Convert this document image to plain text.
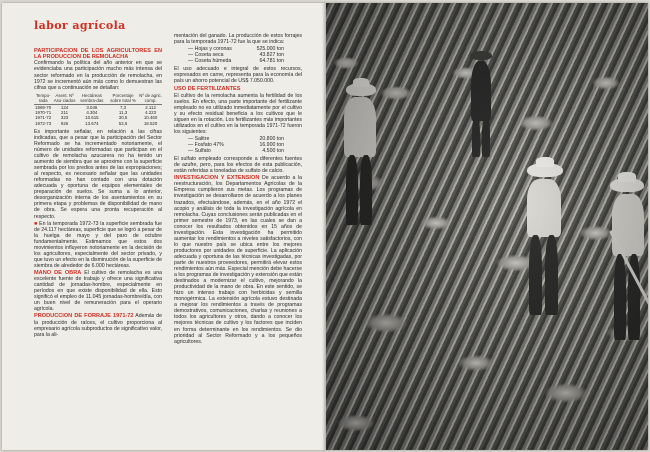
labor agrícola
PARTICIPACION DE LOS AGRICULTORES EN LA PRODUCCION DE REMOLACHA

Confirmando la política del año anterior en que se evidenciaba una participación mucho más intensa del sector reformado en la producción de remolacha, en 1972 se incrementó aún más como lo demuestran las cifras que a continuación se detallan:

Tempo-rada	Asent. Nº Aso-ciados	Hectáreas sembra-das	Porcentaje sobre total %	Nº de agric. comp.
1969-70	124	3.046	7,3	2.112
1970-71	211	4.304	11,3	4.223
1971-72	323	10.615	30,5	10.460
1972-73	926	13.674	52,6	18.520

Es importante señalar, en relación a las cifras indicadas, que a pesar que la participación del Sector Reformado se ha incrementado notoriamente, el número de unidades reformadas que participan en el cultivo de remolacha azucarera no ha tenido un aumento de siembra que se aproxime con la superficie sembrada por los predios antes de las expropiaciones; al respecto, es necesario señalar que las unidades reformadas no han contado con una dotación adecuada y oportuna de equipos elementales de preparación de suelos. Se suma a lo anterior, desorganización interna de los asentamientos en su primera etapa y problemas de disponibilidad de mano de obra. Se espera una pronta recuperación al respecto.

■ En la temporada 1972-73 la superficie sembrada fue de 24.117 hectáreas, superficie que se logró a pesar de la huelga de mayo y del paro de octubre fundamentalmente. Estimamos que estos dos movimientos influyeron notoriamente en la decisión de los agricultores, especialmente del sector privado, y que tuvo un efecto en la disminución de la superficie de siembra de alrededor de 6.000 hectáreas.

MANO DE OBRA El cultivo de remolacha es una excelente fuente de trabajo y ofrece una significativa cantidad de jornadas-hombre, especialmente en períodos en que existe disponibilidad de ella. Esto significó el empleo de 11.045 jornadas-hombre/día, con un buen nivel de remuneración para el operario agrícola.

PRODUCCION DE FORRAJE 1971-72 Además de la producción de raíces, el cultivo proporciona al empresario agrícola subproductos de significativo valor, para la ali-

mentación del ganado. La producción de estos forrajes para la temporada 1971-72 fue la que se indica:

— Hojas y coronas	525.000 ton
— Coseta seca	43.827 ton
— Coseta húmeda	64.781 ton

El uso adecuado e integral de estos recursos, expresados en carne, representa para la economía del país un ahorro potencial de US$ 7.050.000.

USO DE FERTILIZANTES

El cultivo de la remolacha aumenta la fertilidad de los suelos. En efecto, una parte importante del fertilizante empleado no es utilizado inmediatamente por el cultivo y su efecto residual beneficia a los cultivos que le siguen en la rotación. Los fertilizantes más importantes utilizados en el cultivo en la temporada 1971-72 fueron los siguientes:

— Salitre	20.800 ton
— Fosfato 47%	16.900 ton
— Sulfato	4.500 ton

El sulfato empleado corresponde a diferentes fuentes de azufre, pero, para los efectos de esta publicación, están referidas a toneladas de sulfato de calcio.

INVESTIGACION Y EXTENSION De acuerdo a la reestructuración, los Departamentos Agrícolas de la Empresa cumplieron sus metas. Los programas de investigación se desarrollaron de acuerdo a los planes trazados, efectuándose, además, en el año 1972 el acopio y análisis de toda la investigación agrícola en remolacha. Cuyas conclusiones serán publicadas en el primer semestre de 1973, en las cuales se dan a conocer los resultados obtenidos en 15 años de investigación. Esta investigación ha permitido aumentar los rendimientos a niveles satisfactorios, con lo que nuestro país se ubica entre los mejores productores por unidades de superficie. La aplicación adecuada y oportuna de las técnicas investigadas, por parte de nuestros proveedores, permitirá elevar estos rendimientos aún más. Especial mención debe hacerse a los programas de investigación y extensión que están destinados a modernizar el cultivo, mejorando la productividad de la mano de obra. En este sentido, se hizo un intenso trabajo con herbicidas y semilla monogérmica. La extensión agrícola estuvo destinada a mejorar los rendimientos a través de programas demostrativos, comunicaciones, charlas y reuniones a todos los agricultores y otros, dando a conocer los mejores técnicas de cultivo y los factores que inciden en forma determinante en los rendimientos. Se dio prioridad al Sector Reformado y a los pequeños agricultores.
